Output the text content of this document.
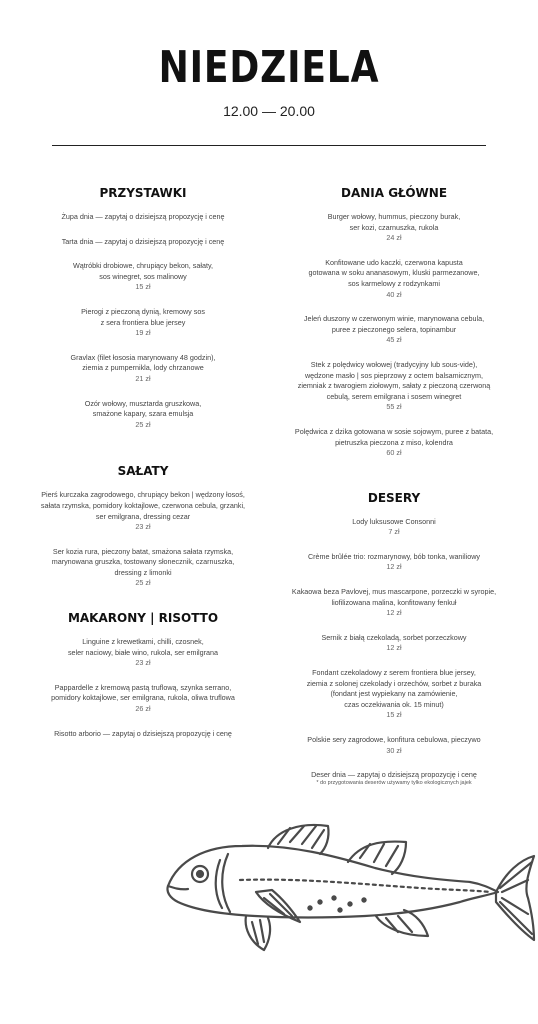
NIEDZIELA
12.00 — 20.00
PRZYSTAWKI
Żupa dnia — zapytaj o dzisiejszą propozycję i cenę
Tarta dnia — zapytaj o dzisiejszą propozycję i cenę
Wątróbki drobiowe, chrupiący bekon, sałaty,
sos winegret, sos malinowy
15 zł
Pierogi z pieczoną dynią, kremowy sos
z sera frontiera blue jersey
19 zł
Gravlax (filet łososia marynowany 48 godzin),
ziemia z pumpernikla, lody chrzanowe
21 zł
Ozór wołowy, musztarda gruszkowa,
smażone kapary, szara emulsja
25 zł
SAŁATY
Pierś kurczaka zagrodowego, chrupiący bekon | wędzony łosoś,
sałata rzymska, pomidory koktajlowe, czerwona cebula, grzanki,
ser emilgrana, dressing cezar
23 zł
Ser kozia rura, pieczony batat, smażona sałata rzymska,
marynowana gruszka, tostowany słonecznik, czarnuszka,
dressing z limonki
25 zł
MAKARONY | RISOTTO
Linguine z krewetkami, chilli, czosnek,
seler naciowy, białe wino, rukola, ser emilgrana
23 zł
Pappardelle z kremową pastą truflową, szynka serrano,
pomidory koktajlowe, ser emilgrana, rukola, oliwa truflowa
26 zł
Risotto arborio — zapytaj o dzisiejszą propozycję i cenę
DANIA GŁÓWNE
Burger wołowy, hummus, pieczony burak,
ser kozi, czarnuszka, rukola
24 zł
Konfitowane udo kaczki, czerwona kapusta
gotowana w soku ananasowym, kluski parmezanowe,
sos karmelowy z rodzynkami
40 zł
Jeleń duszony w czerwonym winie, marynowana cebula,
puree z pieczonego selera, topinambur
45 zł
Stek z polędwicy wołowej (tradycyjny lub sous-vide),
wędzone masło | sos pieprzowy z octem balsamicznym,
ziemniak z twarogiem ziołowym, sałaty z pieczoną czerwoną
cebulą, serem emilgrana i sosem winegret
55 zł
Polędwica z dzika gotowana w sosie sojowym, puree z batata,
pietruszka pieczona z miso, kolendra
60 zł
DESERY
Lody luksusowe Consonni
7 zł
Crème brûlée trio: rozmarynowy, bób tonka, waniliowy
12 zł
Kakaowa beza Pavlovej, mus mascarpone, porzeczki w syropie,
liofilizowana malina, konfitowany fenkuł
12 zł
Sernik z białą czekoladą, sorbet porzeczkowy
12 zł
Fondant czekoladowy z serem frontiera blue jersey,
ziemia z solonej czekolady i orzechów, sorbet z buraka
(fondant jest wypiekany na zamówienie,
czas oczekiwania ok. 15 minut)
15 zł
Polskie sery zagrodowe, konfitura cebulowa, pieczywo
30 zł
Deser dnia — zapytaj o dzisiejszą propozycję i cenę
* do przygotowania deserów używamy tylko ekologicznych jajek
